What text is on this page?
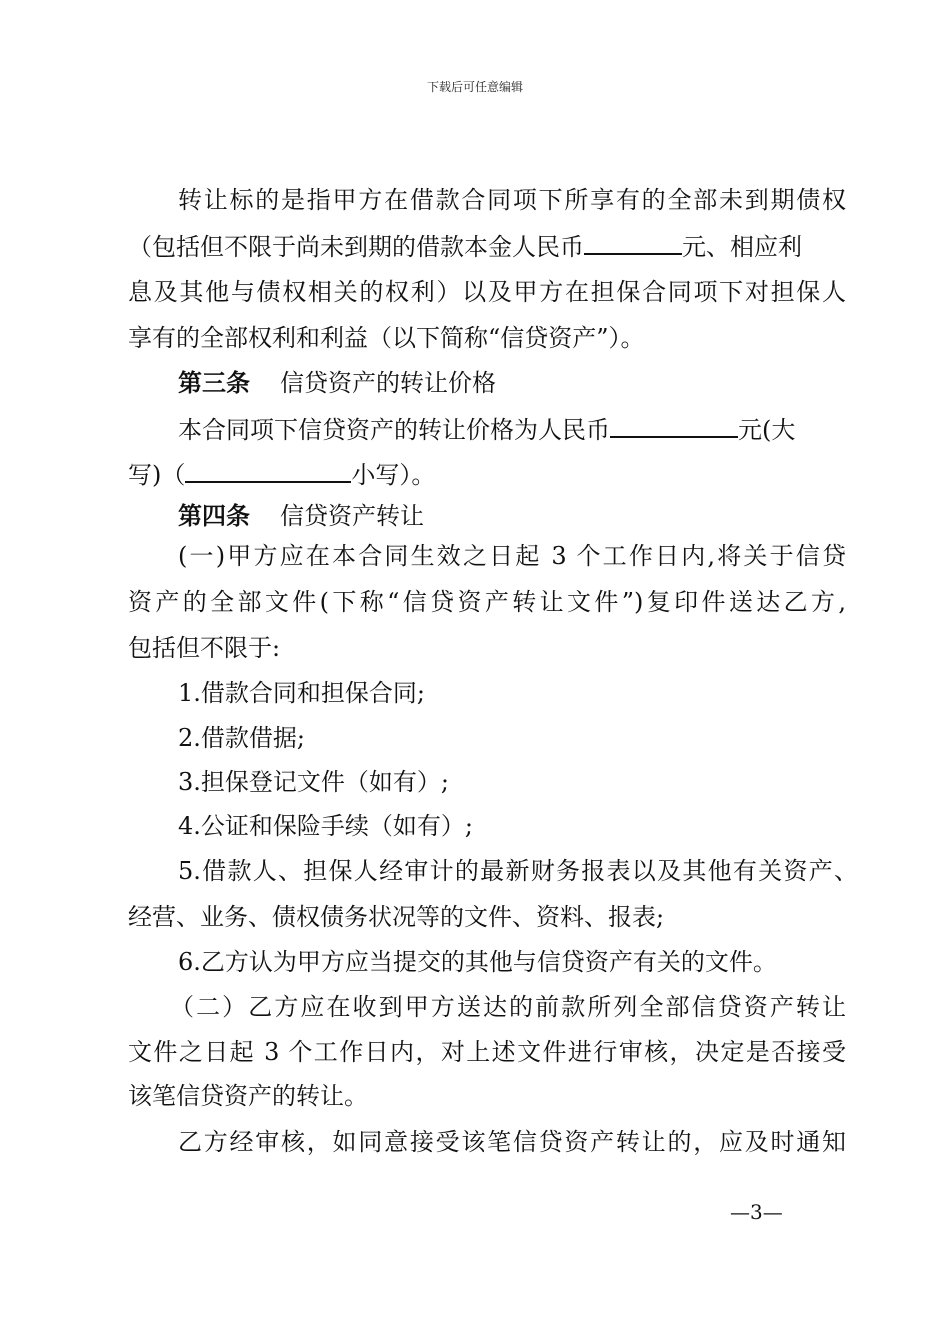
下载后可任意编辑
转让标的是指甲方在借款合同项下所享有的全部未到期债权
（包括但不限于尚未到期的借款本金人民币	元、相应利
息及其他与债权相关的权利）以及甲方在担保合同项下对担保人
享有的全部权利和利益（以下简称“信贷资产”）。
第三条 信贷资产的转让价格
本合同项下信贷资产的转让价格为人民币	元(大
写)（	小写）。
第四条 信贷资产转让
(一)甲方应在本合同生效之日起 3 个工作日内,将关于信贷
资产的全部文件(下称“信贷资产转让文件”)复印件送达乙方,
包括但不限于:
1.借款合同和担保合同;
2.借款借据;
3.担保登记文件（如有）;
4.公证和保险手续（如有）;
5.借款人、担保人经审计的最新财务报表以及其他有关资产、
经营、业务、债权债务状况等的文件、资料、报表;
6.乙方认为甲方应当提交的其他与信贷资产有关的文件。
（二）乙方应在收到甲方送达的前款所列全部信贷资产转让
文件之日起 3 个工作日内，对上述文件进行审核，决定是否接受
该笔信贷资产的转让。
乙方经审核，如同意接受该笔信贷资产转让的，应及时通知
—3—
